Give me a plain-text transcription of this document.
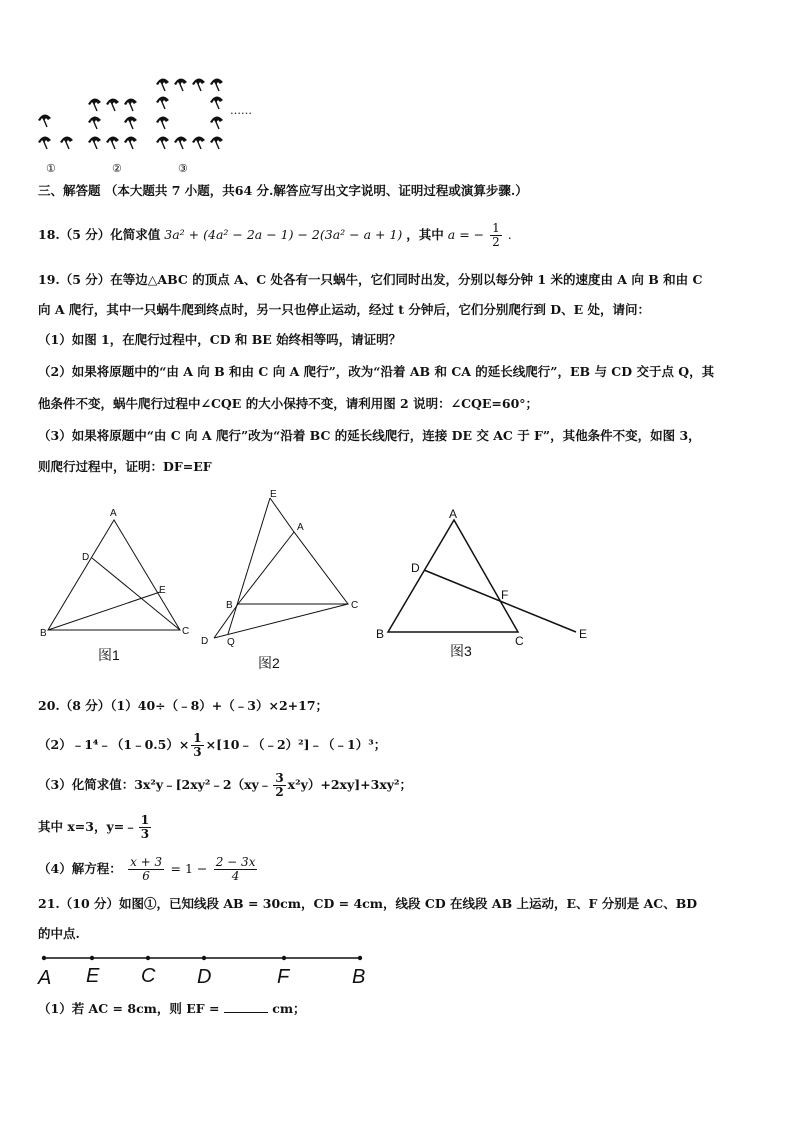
①	②	③
……
三、解答题 （本大题共 7 小题，共64 分.解答应写出文字说明、证明过程或演算步骤.）
18.（5 分）化简求值 3a² + (4a² − 2a − 1) − 2(3a² − a + 1) ，其中 a = − $\frac{1}{2}$ .
19.（5 分）在等边△ABC 的顶点 A、C 处各有一只蜗牛，它们同时出发，分别以每分钟 1 米的速度由 A 向 B 和由 C
向 A 爬行，其中一只蜗牛爬到终点时，另一只也停止运动，经过 t 分钟后，它们分别爬行到 D、E 处，请问：
（1）如图 1，在爬行过程中，CD 和 BE 始终相等吗，请证明？
（2）如果将原题中的“由 A 向 B 和由 C 向 A 爬行”，改为“沿着 AB 和 CA 的延长线爬行”，EB 与 CD 交于点 Q，其
他条件不变，蜗牛爬行过程中∠CQE 的大小保持不变，请利用图 2 说明：∠CQE=60°；
（3）如果将原题中“由 C 向 A 爬行”改为“沿着 BC 的延长线爬行，连接 DE 交 AC 于 F”，其他条件不变，如图 3，
则爬行过程中，证明：DF=EF
A
D
E
B	C
图1
E
A
B	C
D Q
图2
A
D
F
B	C	E
图3
20.（8 分）（1）40÷（﹣8）+（﹣3）×2+17；
（2）﹣1⁴﹣（1﹣0.5）× $\frac{1}{3}$ ×[10﹣（﹣2）²]﹣（﹣1）³；
（3）化简求值：3x²y﹣[2xy²﹣2（xy﹣ $\frac{3}{2} x^2y)+2xy]+3xy^2$；
其中 x=3，y=﹣ $\frac{1}{3}$
（4）解方程： $\frac{x + 3}{6} = 1 - \frac{2 - 3x}{4}$
21.（10 分）如图①，已知线段 AB = 30cm，CD = 4cm，线段 CD 在线段 AB 上运动，E、F 分别是 AC、BD
的中点.
A E C D	F	B
（1）若 AC = 8cm，则 EF =	cm；
